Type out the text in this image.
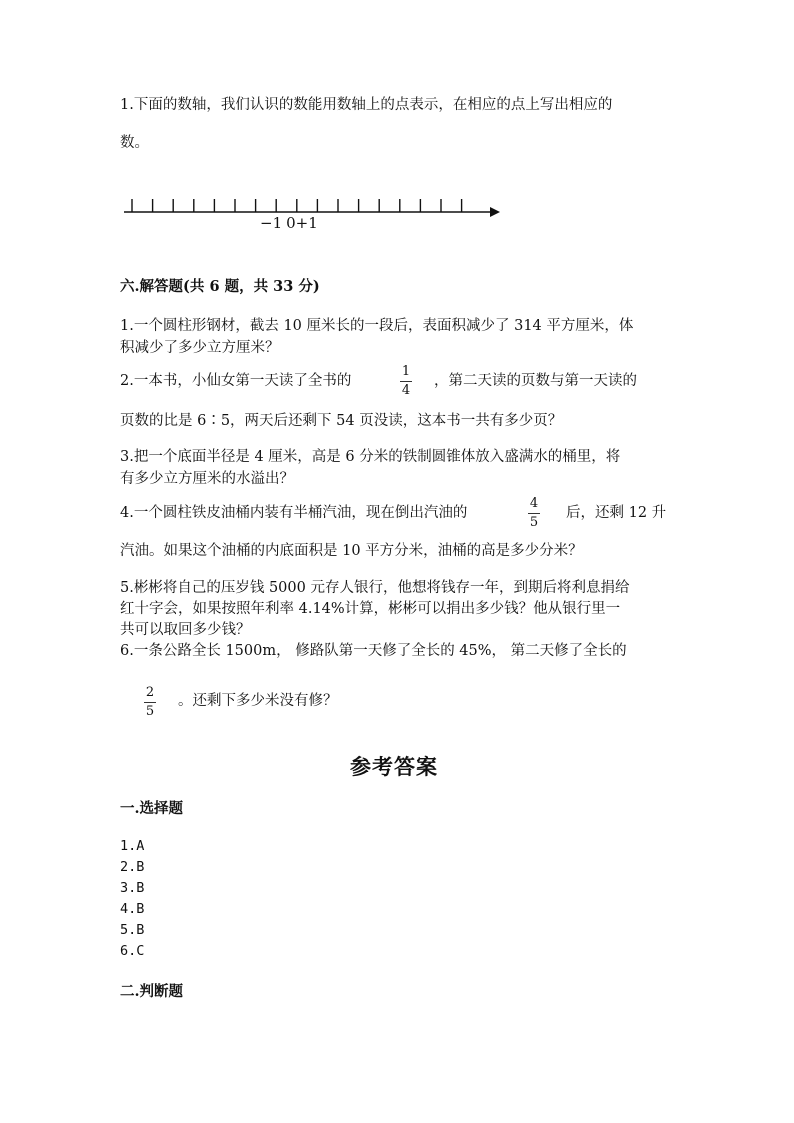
1.下面的数轴，我们认识的数能用数轴上的点表示，在相应的点上写出相应的

数。

−1 0+1

六.解答题(共 6 题，共 33 分)

1.一个圆柱形钢材，截去 10 厘米长的一段后，表面积减少了 314 平方厘米，体

积减少了多少立方厘米？

2.一本书，小仙女第一天读了全书的

1
4

，第二天读的页数与第一天读的

页数的比是 6∶5，两天后还剩下 54 页没读，这本书一共有多少页？

3.把一个底面半径是 4 厘米，高是 6 分米的铁制圆锥体放入盛满水的桶里，将

有多少立方厘米的水溢出？

4.一个圆柱铁皮油桶内装有半桶汽油，现在倒出汽油的

4
5

后，还剩 12 升

汽油。如果这个油桶的内底面积是 10 平方分米，油桶的高是多少分米？

5.彬彬将自己的压岁钱 5000 元存人银行，他想将钱存一年，到期后将利息捐给

红十字会，如果按照年利率 4.14%计算，彬彬可以捐出多少钱？他从银行里一

共可以取回多少钱？

6.一条公路全长 1500m， 修路队第一天修了全长的 45%， 第二天修了全长的

2
5

。还剩下多少米没有修？

参考答案

一.选择题

1.A
2.B
3.B
4.B
5.B
6.C

二.判断题
